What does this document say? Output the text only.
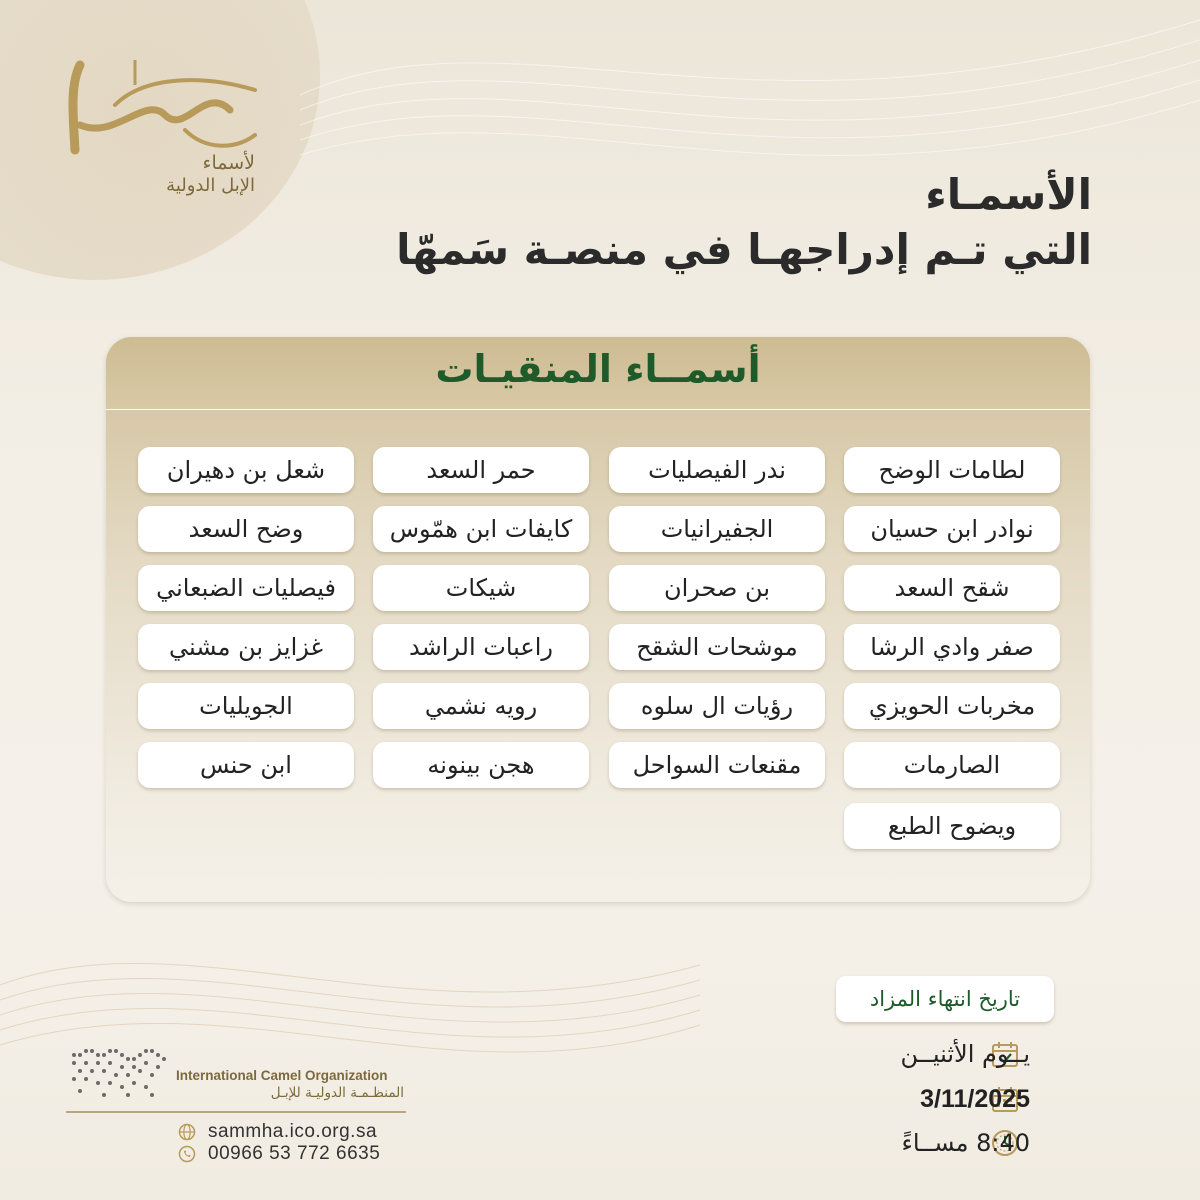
لأسماء
الإبل الدولية	الأسمـاء
التي تـم إدراجهـا في منصـة سَمهّا
أسمــاء المنقيـات
لطامات الوضح
نوادر ابن حسيان
شقح السعد
صفر وادي الرشا
مخربات الحويزي
الصارمات
ويضوح الطبع
ندر الفيصليات
الجفيرانيات
بن صحران
موشحات الشقح
رؤيات ال سلوه
مقنعات السواحل
حمر السعد
كايفات ابن همّوس
شيكات
راعبات الراشد
رويه نشمي
هجن بينونه
شعل بن دهيران
وضح السعد
فيصليات الضبعاني
غزايز بن مشني
الجويليات
ابن حنس
تاريخ انتهاء المزاد
يــوم الأثنيــن
3/11/2025
8:40 مســاءً
International Camel Organization
المنظـمـة الدوليـة للإبـل
sammha.ico.org.sa
00966 53 772 6635
